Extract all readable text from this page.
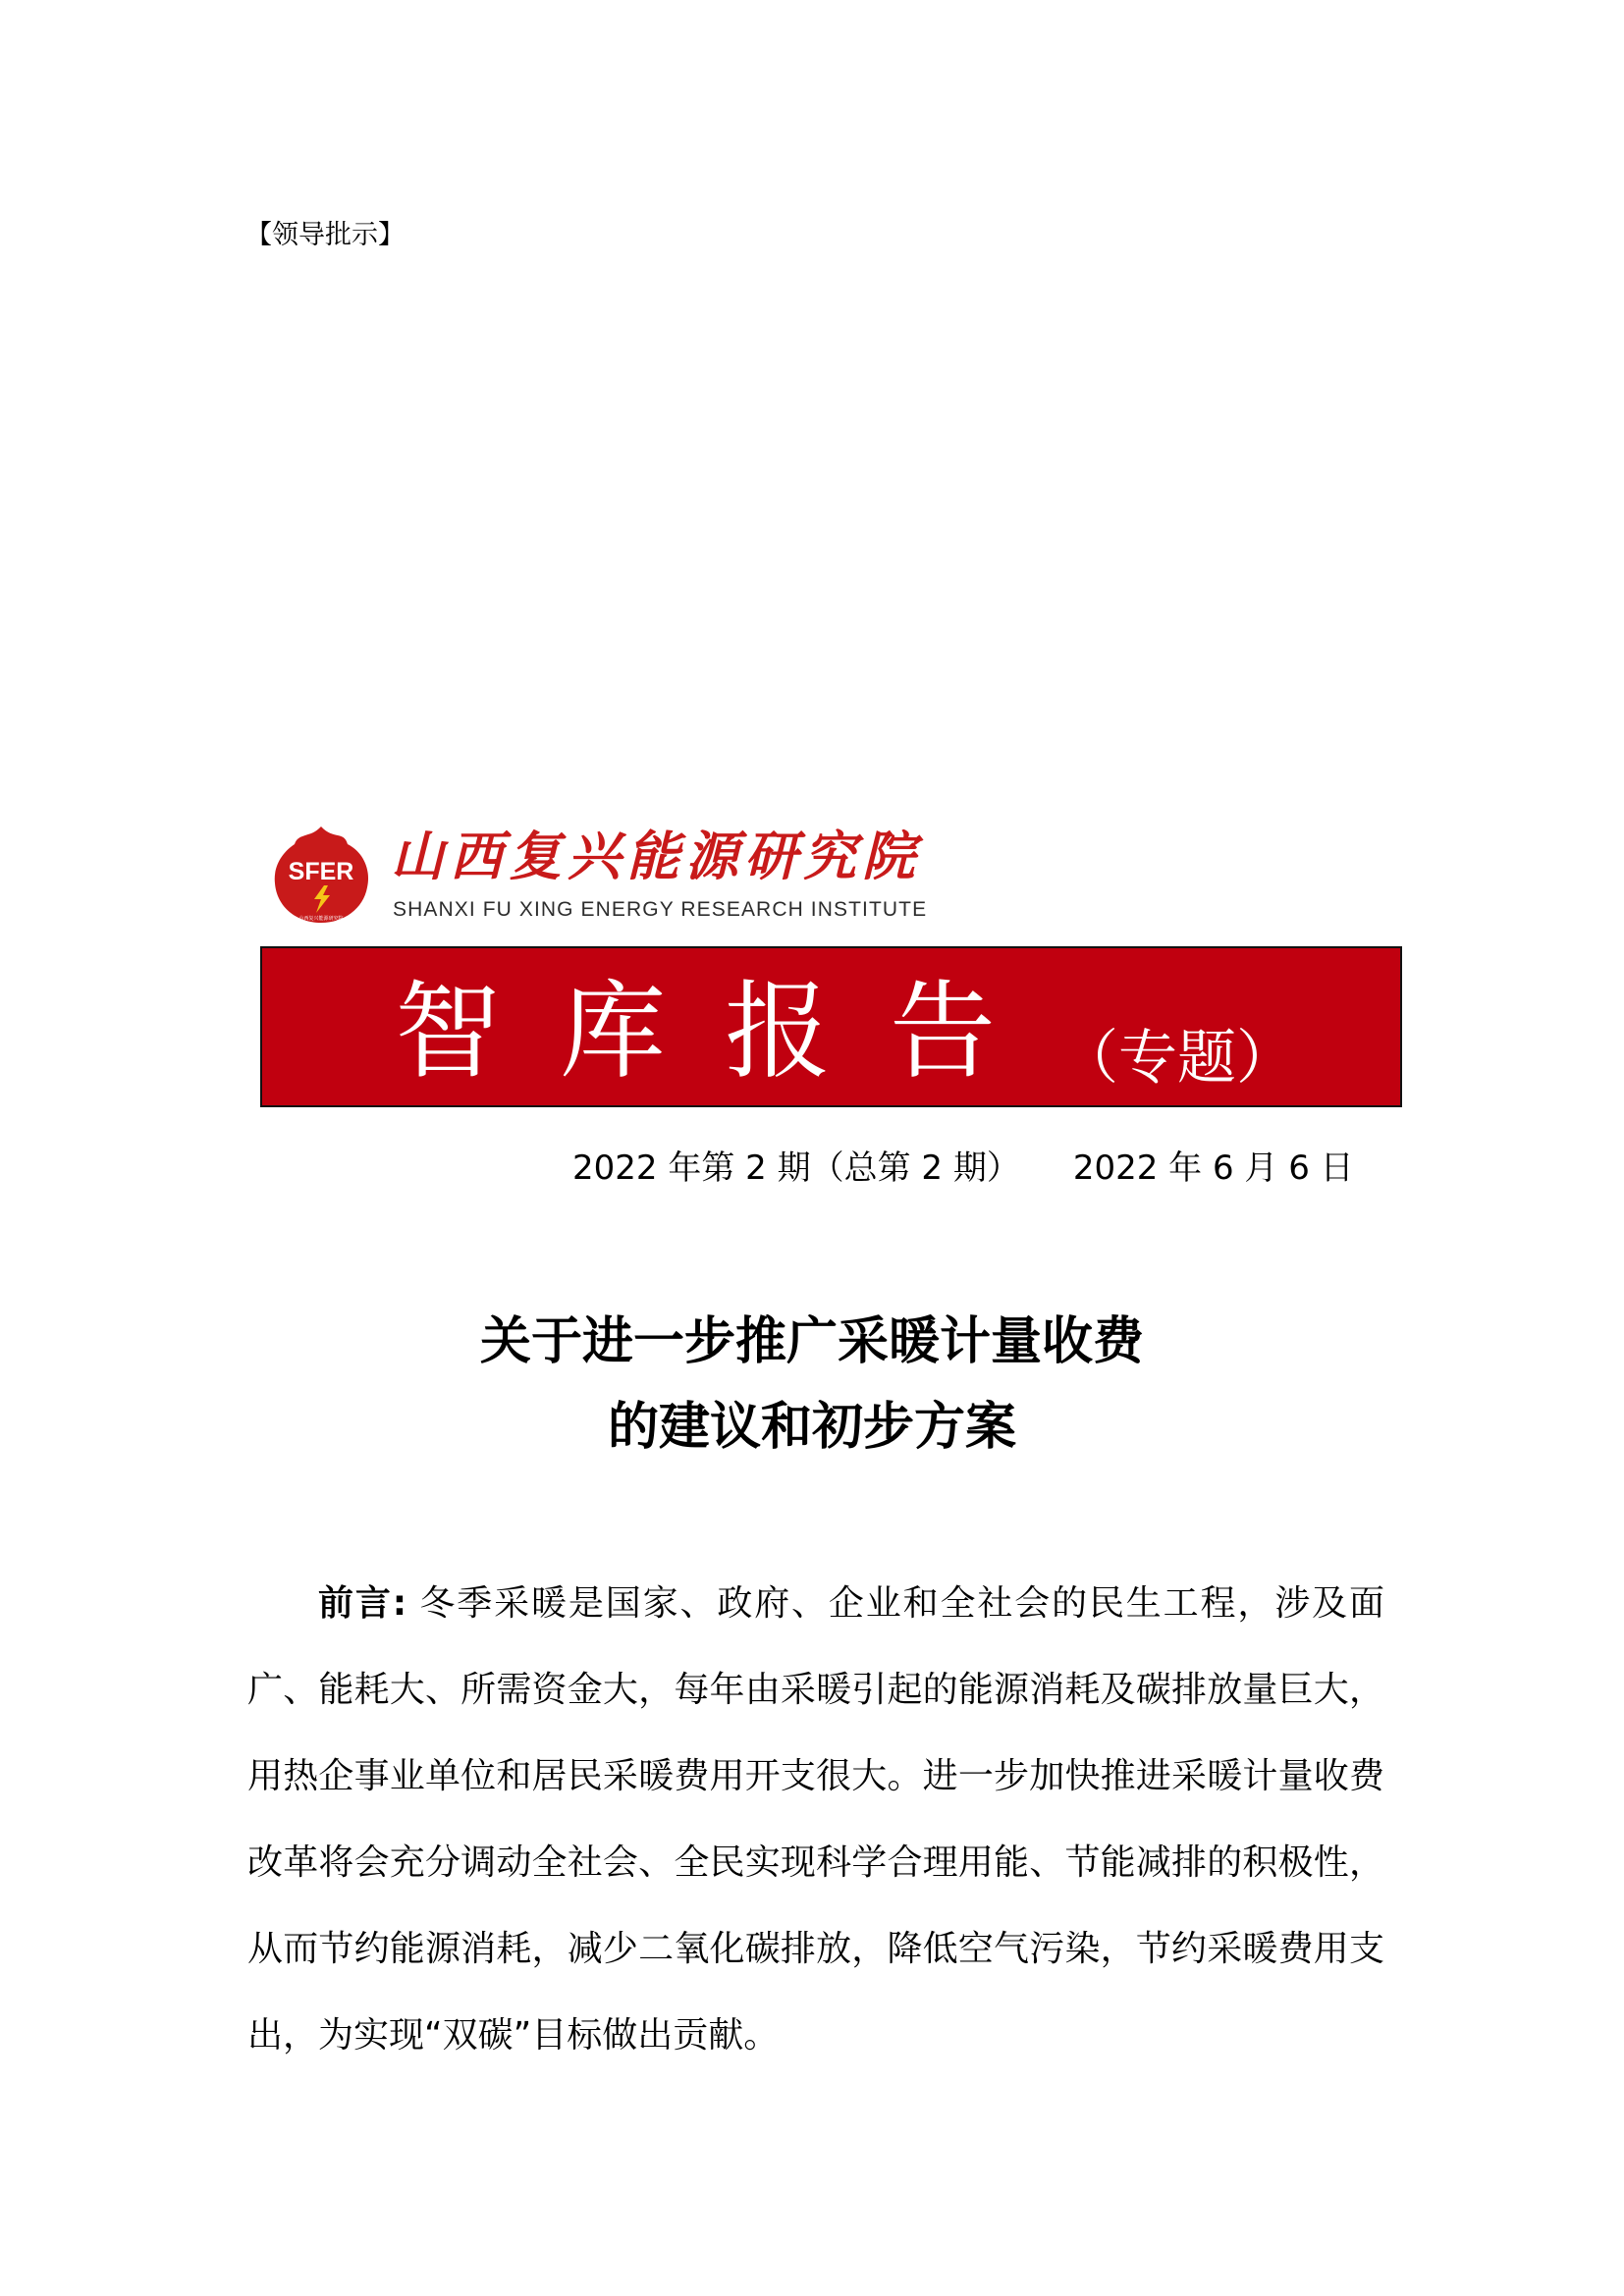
【领导批示】
SFER
山西复兴能源研究院
山西复兴能源研究院
SHANXI FU XING ENERGY RESEARCH INSTITUTE
智库报告 （专题）
2022 年第 2 期（总第 2 期） 2022 年 6 月 6 日
关于进一步推广采暖计量收费
的建议和初步方案
前言: 冬季采暖是国家、政府、企业和全社会的民生工程，涉及面广、能耗大、所需资金大，每年由采暖引起的能源消耗及碳排放量巨大，用热企事业单位和居民采暖费用开支很大。进一步加快推进采暖计量收费改革将会充分调动全社会、全民实现科学合理用能、节能减排的积极性， 从而节约能源消耗，减少二氧化碳排放，降低空气污染，节约采暖费用支出，为实现“双碳”目标做出贡献。
